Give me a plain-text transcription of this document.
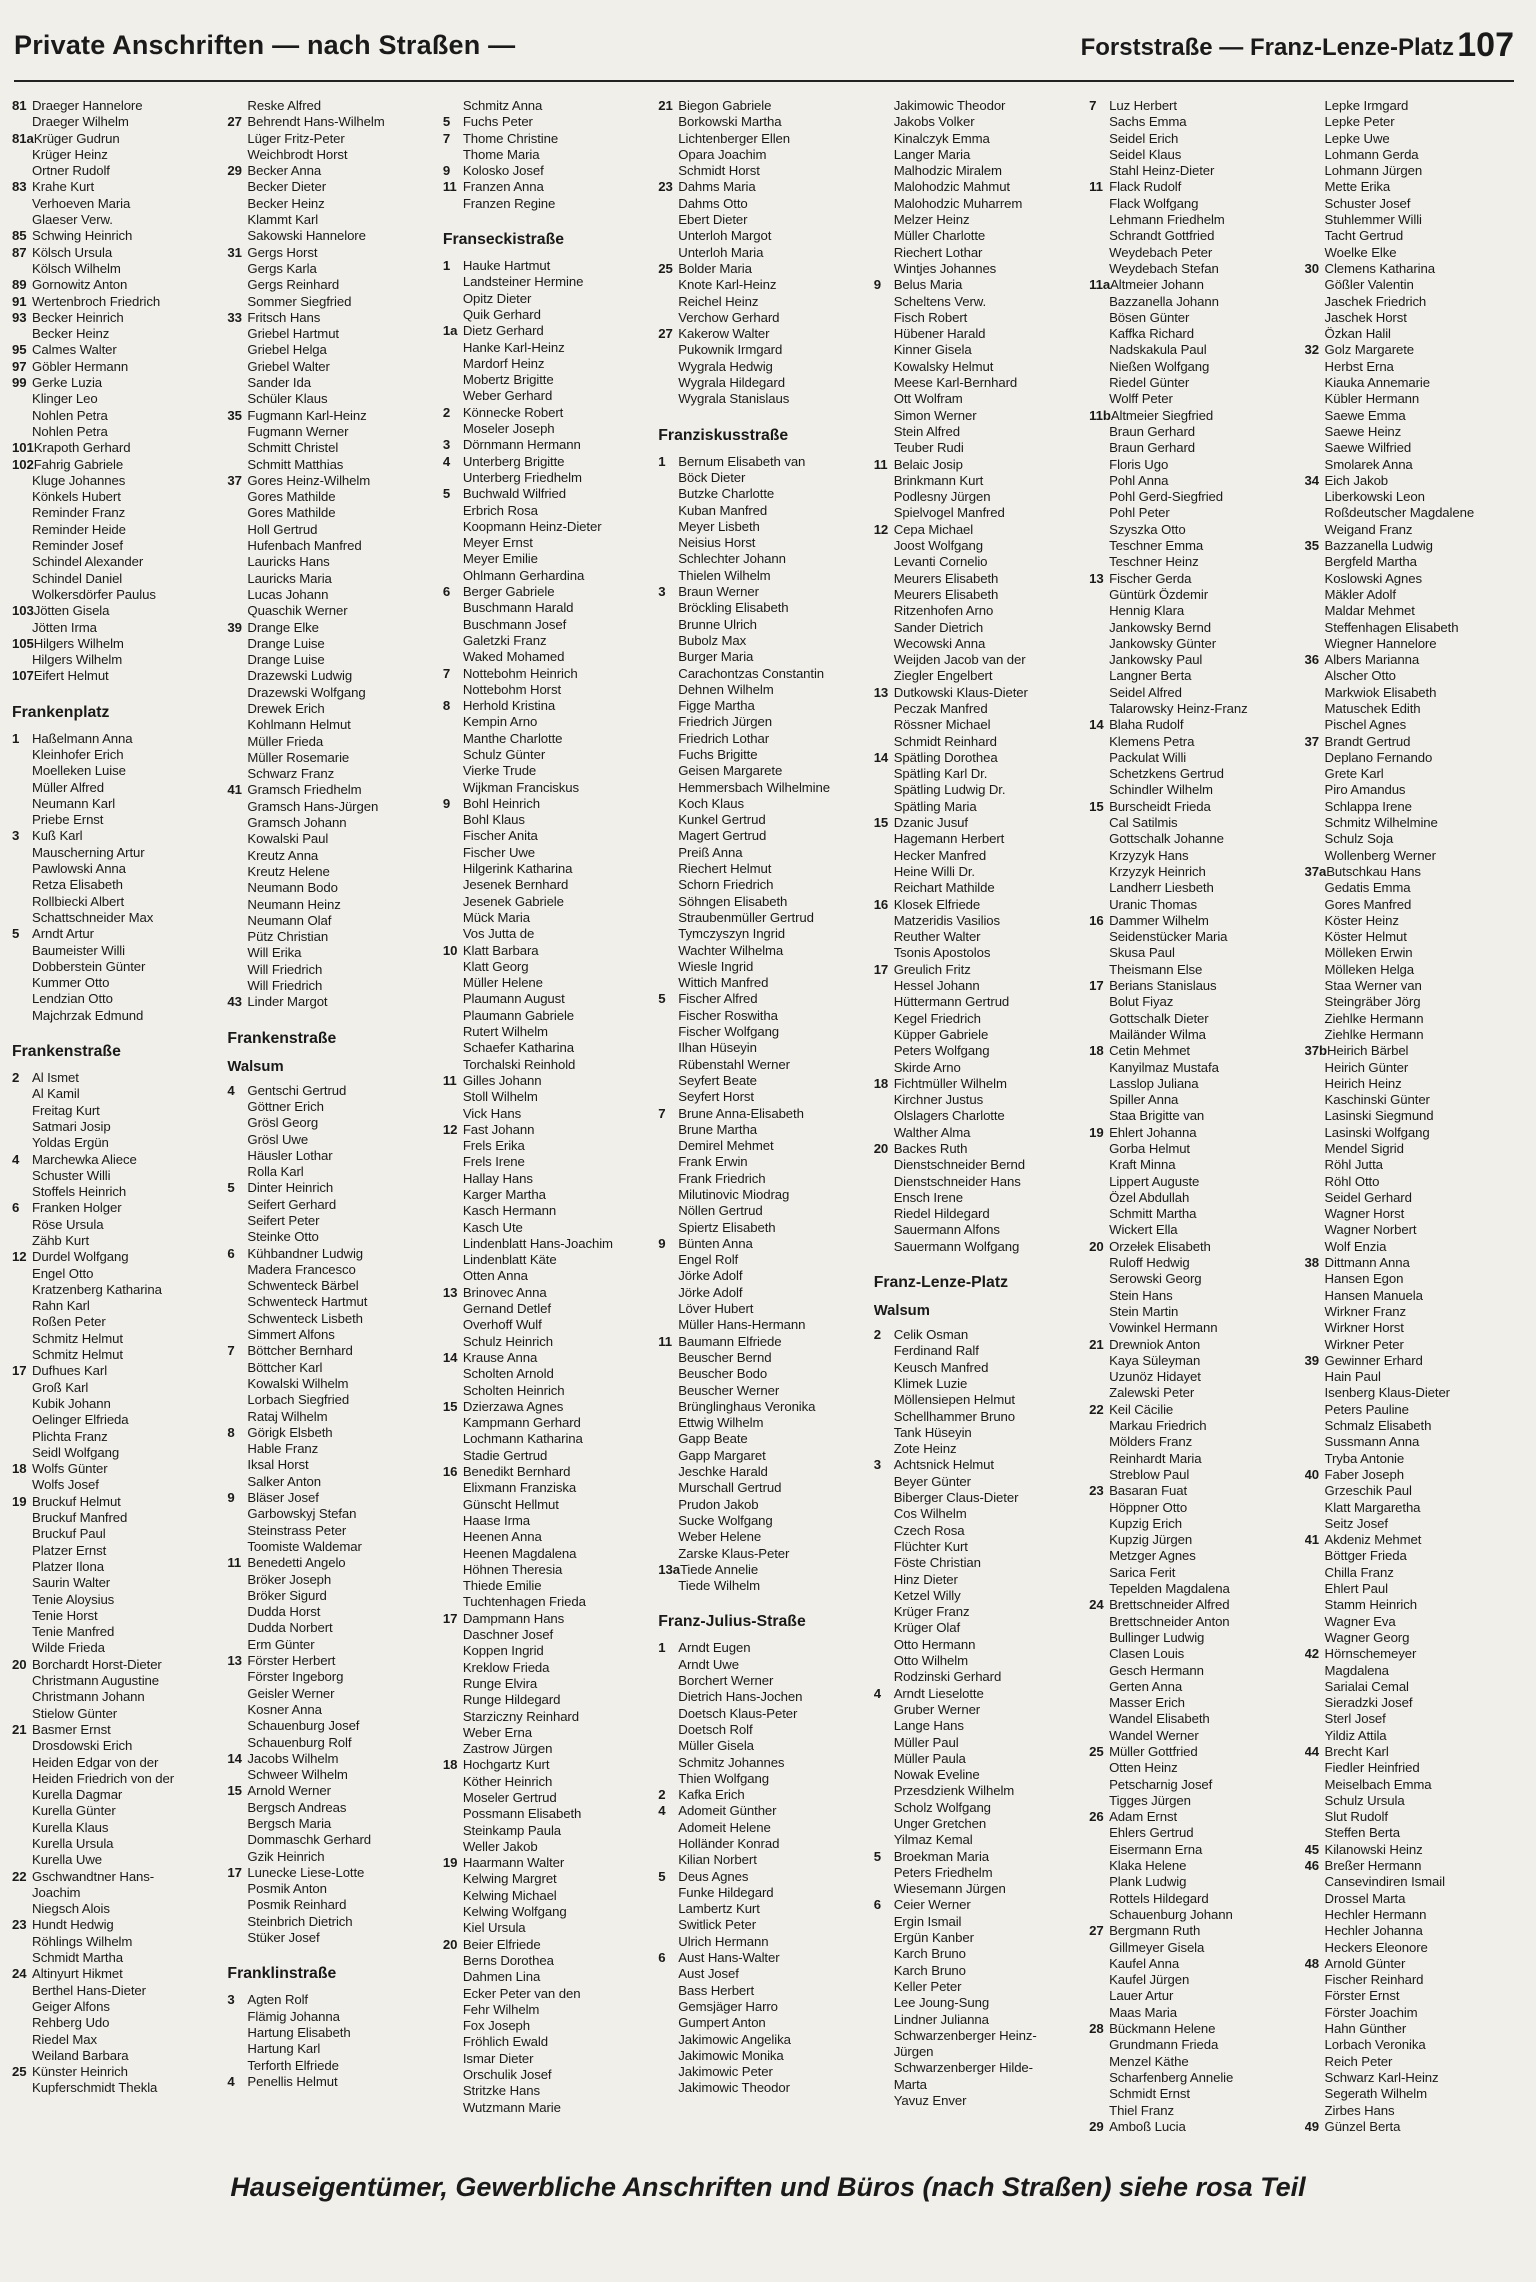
Private Anschriften — nach Straßen —	Forststraße — Franz-Lenze-Platz 107
81 Draeger Hannelore
Draeger Wilhelm
81aKrüger Gudrun
Krüger Heinz
Ortner Rudolf
83 Krahe Kurt
Verhoeven Maria
Glaeser Verw.
85 Schwing Heinrich
87 Kölsch Ursula
Kölsch Wilhelm
89 Gornowitz Anton
91 Wertenbroch Friedrich
93 Becker Heinrich
Becker Heinz
95 Calmes Walter
97 Göbler Hermann
99 Gerke Luzia
Klinger Leo
Nohlen Petra
Nohlen Petra
101Krapoth Gerhard
102Fahrig Gabriele
Kluge Johannes
Könkels Hubert
Reminder Franz
Reminder Heide
Reminder Josef
Schindel Alexander
Schindel Daniel
Wolkersdörfer Paulus
103Jötten Gisela
Jötten Irma
105Hilgers Wilhelm
Hilgers Wilhelm
107Eifert Helmut
Frankenplatz
1 Haßelmann Anna
Kleinhofer Erich
Moelleken Luise
Müller Alfred
Neumann Karl
Priebe Ernst
3 Kuß Karl
Mauscherning Artur
Pawlowski Anna
Retza Elisabeth
Rollbiecki Albert
Schattschneider Max
5 Arndt Artur
Baumeister Willi
Dobberstein Günter
Kummer Otto
Lendzian Otto
Majchrzak Edmund
Frankenstraße
2 Al Ismet
Al Kamil
Freitag Kurt
Satmari Josip
Yoldas Ergün
4 Marchewka Aliece
Schuster Willi
Stoffels Heinrich
6 Franken Holger
Röse Ursula
Zähb Kurt
12 Durdel Wolfgang
Engel Otto
Kratzenberg Katharina
Rahn Karl
Roßen Peter
Schmitz Helmut
Schmitz Helmut
17 Dufhues Karl
Groß Karl
Kubik Johann
Oelinger Elfrieda
Plichta Franz
Seidl Wolfgang
18 Wolfs Günter
Wolfs Josef
19 Bruckuf Helmut
Bruckuf Manfred
Bruckuf Paul
Platzer Ernst
Platzer Ilona
Saurin Walter
Tenie Aloysius
Tenie Horst
Tenie Manfred
Wilde Frieda
20 Borchardt Horst-Dieter
Christmann Augustine
Christmann Johann
Stielow Günter
21 Basmer Ernst
Drosdowski Erich
Heiden Edgar von der
Heiden Friedrich von der
Kurella Dagmar
Kurella Günter
Kurella Klaus
Kurella Ursula
Kurella Uwe
22 Gschwandtner Hans-
Joachim
Niegsch Alois
23 Hundt Hedwig
Röhlings Wilhelm
Schmidt Martha
24 Altinyurt Hikmet
Berthel Hans-Dieter
Geiger Alfons
Rehberg Udo
Riedel Max
Weiland Barbara
25 Künster Heinrich
Kupferschmidt Thekla
Reske Alfred
27 Behrendt Hans-Wilhelm
Lüger Fritz-Peter
Weichbrodt Horst
29 Becker Anna
Becker Dieter
Becker Heinz
Klammt Karl
Sakowski Hannelore
31 Gergs Horst
Gergs Karla
Gergs Reinhard
Sommer Siegfried
33 Fritsch Hans
Griebel Hartmut
Griebel Helga
Griebel Walter
Sander Ida
Schüler Klaus
35 Fugmann Karl-Heinz
Fugmann Werner
Schmitt Christel
Schmitt Matthias
37 Gores Heinz-Wilhelm
Gores Mathilde
Gores Mathilde
Holl Gertrud
Hufenbach Manfred
Lauricks Hans
Lauricks Maria
Lucas Johann
Quaschik Werner
39 Drange Elke
Drange Luise
Drange Luise
Drazewski Ludwig
Drazewski Wolfgang
Drewek Erich
Kohlmann Helmut
Müller Frieda
Müller Rosemarie
Schwarz Franz
41 Gramsch Friedhelm
Gramsch Hans-Jürgen
Gramsch Johann
Kowalski Paul
Kreutz Anna
Kreutz Helene
Neumann Bodo
Neumann Heinz
Neumann Olaf
Pütz Christian
Will Erika
Will Friedrich
Will Friedrich
43 Linder Margot
Frankenstraße
Walsum
4 Gentschi Gertrud
Göttner Erich
Grösl Georg
Grösl Uwe
Häusler Lothar
Rolla Karl
5 Dinter Heinrich
Seifert Gerhard
Seifert Peter
Steinke Otto
6 Kühbandner Ludwig
Madera Francesco
Schwenteck Bärbel
Schwenteck Hartmut
Schwenteck Lisbeth
Simmert Alfons
7 Böttcher Bernhard
Böttcher Karl
Kowalski Wilhelm
Lorbach Siegfried
Rataj Wilhelm
8 Görigk Elsbeth
Hable Franz
Iksal Horst
Salker Anton
9 Bläser Josef
Garbowskyj Stefan
Steinstrass Peter
Toomiste Waldemar
11 Benedetti Angelo
Bröker Joseph
Bröker Sigurd
Dudda Horst
Dudda Norbert
Erm Günter
13 Förster Herbert
Förster Ingeborg
Geisler Werner
Kosner Anna
Schauenburg Josef
Schauenburg Rolf
14 Jacobs Wilhelm
Schweer Wilhelm
15 Arnold Werner
Bergsch Andreas
Bergsch Maria
Dommaschk Gerhard
Gzik Heinrich
17 Lunecke Liese-Lotte
Posmik Anton
Posmik Reinhard
Steinbrich Dietrich
Stüker Josef
Franklinstraße
3 Agten Rolf
Flämig Johanna
Hartung Elisabeth
Hartung Karl
Terforth Elfriede
4 Penellis Helmut
Schmitz Anna
5 Fuchs Peter
7 Thome Christine
Thome Maria
9 Kolosko Josef
11 Franzen Anna
Franzen Regine
Franseckistraße
1 Hauke Hartmut
Landsteiner Hermine
Opitz Dieter
Quik Gerhard
1a Dietz Gerhard
Hanke Karl-Heinz
Mardorf Heinz
Mobertz Brigitte
Weber Gerhard
2 Könnecke Robert
Moseler Joseph
3 Dörnmann Hermann
4 Unterberg Brigitte
Unterberg Friedhelm
5 Buchwald Wilfried
Erbrich Rosa
Koopmann Heinz-Dieter
Meyer Ernst
Meyer Emilie
Ohlmann Gerhardina
6 Berger Gabriele
Buschmann Harald
Buschmann Josef
Galetzki Franz
Waked Mohamed
7 Nottebohm Heinrich
Nottebohm Horst
8 Herhold Kristina
Kempin Arno
Manthe Charlotte
Schulz Günter
Vierke Trude
Wijkman Franciskus
9 Bohl Heinrich
Bohl Klaus
Fischer Anita
Fischer Uwe
Hilgerink Katharina
Jesenek Bernhard
Jesenek Gabriele
Mück Maria
Vos Jutta de
10 Klatt Barbara
Klatt Georg
Müller Helene
Plaumann August
Plaumann Gabriele
Rutert Wilhelm
Schaefer Katharina
Torchalski Reinhold
11 Gilles Johann
Stoll Wilhelm
Vick Hans
12 Fast Johann
Frels Erika
Frels Irene
Hallay Hans
Karger Martha
Kasch Hermann
Kasch Ute
Lindenblatt Hans-Joachim
Lindenblatt Käte
Otten Anna
13 Brinovec Anna
Gernand Detlef
Overhoff Wulf
Schulz Heinrich
14 Krause Anna
Scholten Arnold
Scholten Heinrich
15 Dzierzawa Agnes
Kampmann Gerhard
Lochmann Katharina
Stadie Gertrud
16 Benedikt Bernhard
Elixmann Franziska
Günscht Hellmut
Haase Irma
Heenen Anna
Heenen Magdalena
Höhnen Theresia
Thiede Emilie
Tuchtenhagen Frieda
17 Dampmann Hans
Daschner Josef
Koppen Ingrid
Kreklow Frieda
Runge Elvira
Runge Hildegard
Starziczny Reinhard
Weber Erna
Zastrow Jürgen
18 Hochgartz Kurt
Köther Heinrich
Moseler Gertrud
Possmann Elisabeth
Steinkamp Paula
Weller Jakob
19 Haarmann Walter
Kelwing Margret
Kelwing Michael
Kelwing Wolfgang
Kiel Ursula
20 Beier Elfriede
Berns Dorothea
Dahmen Lina
Ecker Peter van den
Fehr Wilhelm
Fox Joseph
Fröhlich Ewald
Ismar Dieter
Orschulik Josef
Stritzke Hans
Wutzmann Marie
21 Biegon Gabriele
Borkowski Martha
Lichtenberger Ellen
Opara Joachim
Schmidt Horst
23 Dahms Maria
Dahms Otto
Ebert Dieter
Unterloh Margot
Unterloh Maria
25 Bolder Maria
Knote Karl-Heinz
Reichel Heinz
Verchow Gerhard
27 Kakerow Walter
Pukownik Irmgard
Wygrala Hedwig
Wygrala Hildegard
Wygrala Stanislaus
Franziskusstraße
1 Bernum Elisabeth van
Böck Dieter
Butzke Charlotte
Kuban Manfred
Meyer Lisbeth
Neisius Horst
Schlechter Johann
Thielen Wilhelm
3 Braun Werner
Bröckling Elisabeth
Brunne Ulrich
Bubolz Max
Burger Maria
Carachontzas Constantin
Dehnen Wilhelm
Figge Martha
Friedrich Jürgen
Friedrich Lothar
Fuchs Brigitte
Geisen Margarete
Hemmersbach Wilhelmine
Koch Klaus
Kunkel Gertrud
Magert Gertrud
Preiß Anna
Riechert Helmut
Schorn Friedrich
Söhngen Elisabeth
Straubenmüller Gertrud
Tymczyszyn Ingrid
Wachter Wilhelma
Wiesle Ingrid
Wittich Manfred
5 Fischer Alfred
Fischer Roswitha
Fischer Wolfgang
Ilhan Hüseyin
Rübenstahl Werner
Seyfert Beate
Seyfert Horst
7 Brune Anna-Elisabeth
Brune Martha
Demirel Mehmet
Frank Erwin
Frank Friedrich
Milutinovic Miodrag
Nöllen Gertrud
Spiertz Elisabeth
9 Bünten Anna
Engel Rolf
Jörke Adolf
Jörke Adolf
Löver Hubert
Müller Hans-Hermann
11 Baumann Elfriede
Beuscher Bernd
Beuscher Bodo
Beuscher Werner
Brünglinghaus Veronika
Ettwig Wilhelm
Gapp Beate
Gapp Margaret
Jeschke Harald
Murschall Gertrud
Prudon Jakob
Sucke Wolfgang
Weber Helene
Zarske Klaus-Peter
13aTiede Annelie
Tiede Wilhelm
Franz-Julius-Straße
1 Arndt Eugen
Arndt Uwe
Borchert Werner
Dietrich Hans-Jochen
Doetsch Klaus-Peter
Doetsch Rolf
Müller Gisela
Schmitz Johannes
Thien Wolfgang
2 Kafka Erich
4 Adomeit Günther
Adomeit Helene
Holländer Konrad
Kilian Norbert
5 Deus Agnes
Funke Hildegard
Lambertz Kurt
Switlick Peter
Ulrich Hermann
6 Aust Hans-Walter
Aust Josef
Bass Herbert
Gemsjäger Harro
Gumpert Anton
Jakimowic Angelika
Jakimowic Monika
Jakimowic Peter
Jakimowic Theodor
Jakimowic Theodor
Jakobs Volker
Kinalczyk Emma
Langer Maria
Malhodzic Miralem
Malohodzic Mahmut
Malohodzic Muharrem
Melzer Heinz
Müller Charlotte
Riechert Lothar
Wintjes Johannes
9 Belus Maria
Scheltens Verw.
Fisch Robert
Hübener Harald
Kinner Gisela
Kowalsky Helmut
Meese Karl-Bernhard
Ott Wolfram
Simon Werner
Stein Alfred
Teuber Rudi
11 Belaic Josip
Brinkmann Kurt
Podlesny Jürgen
Spielvogel Manfred
12 Cepa Michael
Joost Wolfgang
Levanti Cornelio
Meurers Elisabeth
Meurers Elisabeth
Ritzenhofen Arno
Sander Dietrich
Wecowski Anna
Weijden Jacob van der
Ziegler Engelbert
13 Dutkowski Klaus-Dieter
Peczak Manfred
Rössner Michael
Schmidt Reinhard
14 Spätling Dorothea
Spätling Karl Dr.
Spätling Ludwig Dr.
Spätling Maria
15 Dzanic Jusuf
Hagemann Herbert
Hecker Manfred
Heine Willi Dr.
Reichart Mathilde
16 Klosek Elfriede
Matzeridis Vasilios
Reuther Walter
Tsonis Apostolos
17 Greulich Fritz
Hessel Johann
Hüttermann Gertrud
Kegel Friedrich
Küpper Gabriele
Peters Wolfgang
Skirde Arno
18 Fichtmüller Wilhelm
Kirchner Justus
Olslagers Charlotte
Walther Alma
20 Backes Ruth
Dienstschneider Bernd
Dienstschneider Hans
Ensch Irene
Riedel Hildegard
Sauermann Alfons
Sauermann Wolfgang
Franz-Lenze-Platz
Walsum
2 Celik Osman
Ferdinand Ralf
Keusch Manfred
Klimek Luzie
Möllensiepen Helmut
Schellhammer Bruno
Tank Hüseyin
Zote Heinz
3 Achtsnick Helmut
Beyer Günter
Biberger Claus-Dieter
Cos Wilhelm
Czech Rosa
Flüchter Kurt
Föste Christian
Hinz Dieter
Ketzel Willy
Krüger Franz
Krüger Olaf
Otto Hermann
Otto Wilhelm
Rodzinski Gerhard
4 Arndt Lieselotte
Gruber Werner
Lange Hans
Müller Paul
Müller Paula
Nowak Eveline
Przesdzienk Wilhelm
Scholz Wolfgang
Unger Gretchen
Yilmaz Kemal
5 Broekman Maria
Peters Friedhelm
Wiesemann Jürgen
6 Ceier Werner
Ergin Ismail
Ergün Kanber
Karch Bruno
Karch Bruno
Keller Peter
Lee Joung-Sung
Lindner Julianna
Schwarzenberger Heinz-
Jürgen
Schwarzenberger Hilde-
Marta
Yavuz Enver
7 Luz Herbert
Sachs Emma
Seidel Erich
Seidel Klaus
Stahl Heinz-Dieter
11 Flack Rudolf
Flack Wolfgang
Lehmann Friedhelm
Schrandt Gottfried
Weydebach Peter
Weydebach Stefan
11aAltmeier Johann
Bazzanella Johann
Bösen Günter
Kaffka Richard
Nadskakula Paul
Nießen Wolfgang
Riedel Günter
Wolff Peter
11bAltmeier Siegfried
Braun Gerhard
Braun Gerhard
Floris Ugo
Pohl Anna
Pohl Gerd-Siegfried
Pohl Peter
Szyszka Otto
Teschner Emma
Teschner Heinz
13 Fischer Gerda
Güntürk Özdemir
Hennig Klara
Jankowsky Bernd
Jankowsky Günter
Jankowsky Paul
Langner Berta
Seidel Alfred
Talarowsky Heinz-Franz
14 Blaha Rudolf
Klemens Petra
Packulat Willi
Schetzkens Gertrud
Schindler Wilhelm
15 Burscheidt Frieda
Cal Satilmis
Gottschalk Johanne
Krzyzyk Hans
Krzyzyk Heinrich
Landherr Liesbeth
Uranic Thomas
16 Dammer Wilhelm
Seidenstücker Maria
Skusa Paul
Theismann Else
17 Berians Stanislaus
Bolut Fiyaz
Gottschalk Dieter
Mailänder Wilma
18 Cetin Mehmet
Kanyilmaz Mustafa
Lasslop Juliana
Spiller Anna
Staa Brigitte van
19 Ehlert Johanna
Gorba Helmut
Kraft Minna
Lippert Auguste
Özel Abdullah
Schmitt Martha
Wickert Ella
20 Orzełek Elisabeth
Ruloff Hedwig
Serowski Georg
Stein Hans
Stein Martin
Vowinkel Hermann
21 Drewniok Anton
Kaya Süleyman
Uzunöz Hidayet
Zalewski Peter
22 Keil Cäcilie
Markau Friedrich
Mölders Franz
Reinhardt Maria
Streblow Paul
23 Basaran Fuat
Höppner Otto
Kupzig Erich
Kupzig Jürgen
Metzger Agnes
Sarica Ferit
Tepelden Magdalena
24 Brettschneider Alfred
Brettschneider Anton
Bullinger Ludwig
Clasen Louis
Gesch Hermann
Gerten Anna
Masser Erich
Wandel Elisabeth
Wandel Werner
25 Müller Gottfried
Otten Heinz
Petscharnig Josef
Tigges Jürgen
26 Adam Ernst
Ehlers Gertrud
Eisermann Erna
Klaka Helene
Plank Ludwig
Rottels Hildegard
Schauenburg Johann
27 Bergmann Ruth
Gillmeyer Gisela
Kaufel Anna
Kaufel Jürgen
Lauer Artur
Maas Maria
28 Bückmann Helene
Grundmann Frieda
Menzel Käthe
Scharfenberg Annelie
Schmidt Ernst
Thiel Franz
29 Amboß Lucia
Lepke Irmgard
Lepke Peter
Lepke Uwe
Lohmann Gerda
Lohmann Jürgen
Mette Erika
Schuster Josef
Stuhlemmer Willi
Tacht Gertrud
Woelke Elke
30 Clemens Katharina
Gößler Valentin
Jaschek Friedrich
Jaschek Horst
Özkan Halil
32 Golz Margarete
Herbst Erna
Kiauka Annemarie
Kübler Hermann
Saewe Emma
Saewe Heinz
Saewe Wilfried
Smolarek Anna
34 Eich Jakob
Liberkowski Leon
Roßdeutscher Magdalene
Weigand Franz
35 Bazzanella Ludwig
Bergfeld Martha
Koslowski Agnes
Mäkler Adolf
Maldar Mehmet
Steffenhagen Elisabeth
Wiegner Hannelore
36 Albers Marianna
Alscher Otto
Markwiok Elisabeth
Matuschek Edith
Pischel Agnes
37 Brandt Gertrud
Deplano Fernando
Grete Karl
Piro Amandus
Schlappa Irene
Schmitz Wilhelmine
Schulz Soja
Wollenberg Werner
37aButschkau Hans
Gedatis Emma
Gores Manfred
Köster Heinz
Köster Helmut
Mölleken Erwin
Mölleken Helga
Staa Werner van
Steingräber Jörg
Ziehlke Hermann
Ziehlke Hermann
37bHeirich Bärbel
Heirich Günter
Heirich Heinz
Kaschinski Günter
Lasinski Siegmund
Lasinski Wolfgang
Mendel Sigrid
Röhl Jutta
Röhl Otto
Seidel Gerhard
Wagner Horst
Wagner Norbert
Wolf Enzia
38 Dittmann Anna
Hansen Egon
Hansen Manuela
Wirkner Franz
Wirkner Horst
Wirkner Peter
39 Gewinner Erhard
Hain Paul
Isenberg Klaus-Dieter
Peters Pauline
Schmalz Elisabeth
Sussmann Anna
Tryba Antonie
40 Faber Joseph
Grzeschik Paul
Klatt Margaretha
Seitz Josef
41 Akdeniz Mehmet
Böttger Frieda
Chilla Franz
Ehlert Paul
Stamm Heinrich
Wagner Eva
Wagner Georg
42 Hörnschemeyer
Magdalena
Sarialai Cemal
Sieradzki Josef
Sterl Josef
Yildiz Attila
44 Brecht Karl
Fiedler Heinfried
Meiselbach Emma
Schulz Ursula
Slut Rudolf
Steffen Berta
45 Kilanowski Heinz
46 Breßer Hermann
Cansevindiren Ismail
Drossel Marta
Hechler Hermann
Hechler Johanna
Heckers Eleonore
48 Arnold Günter
Fischer Reinhard
Förster Ernst
Förster Joachim
Hahn Günther
Lorbach Veronika
Reich Peter
Schwarz Karl-Heinz
Segerath Wilhelm
Zirbes Hans
49 Günzel Berta
Hauseigentümer, Gewerbliche Anschriften und Büros (nach Straßen) siehe rosa Teil
